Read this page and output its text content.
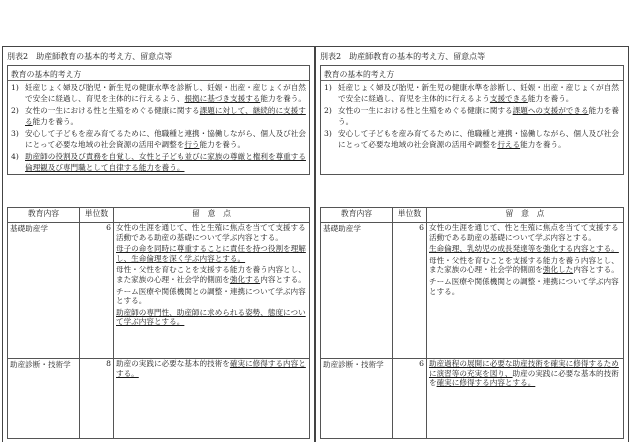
別表2　助産師教育の基本的考え方、留意点等
教育の基本的考え方
1) 妊産じょく婦及び胎児・新生児の健康水準を診断し、妊娠・出産・産じょくが自然で安全に経過し、育児を主体的に行えるよう、根拠に基づき支援する能力を養う。
2) 女性の一生における性と生殖をめぐる健康に関する課題に対して、継続的に支援する能力を養う。
3) 安心して子どもを産み育てるために、他職種と連携・協働しながら、個人及び社会にとって必要な地域の社会資源の活用や調整を行う能力を養う。
4) 助産師の役割及び責務を自覚し、女性と子ども並びに家族の尊厳と権利を尊重する倫理観及び専門職として自律する能力を養う。
教育内容	単位数	留　意　点
基礎助産学	6	女性の生涯を通じて、性と生殖に焦点を当てて支援する活動である助産の基礎について学ぶ内容とする。
母子の命を同時に尊重することに責任を持つ役割を理解し、生命倫理を深く学ぶ内容とする。
母性・父性を育むことを支援する能力を養う内容とし、また家族の心理・社会学的側面を強化する内容とする。
チーム医療や関係機関との調整・連携について学ぶ内容とする。
助産師の専門性、助産師に求められる姿勢、態度について学ぶ内容とする。

助産診断・技術学	8	助産の実践に必要な基本的技術を確実に修得する内容とする。
別表2　助産師教育の基本的考え方、留意点等
教育の基本的考え方
1) 妊産じょく婦及び胎児・新生児の健康水準を診断し、妊娠・出産・産じょくが自然で安全に経過し、育児を主体的に行えるよう支援できる能力を養う。
2) 女性の一生における性と生殖をめぐる健康に関する課題への支援ができる能力を養う。
3) 安心して子どもを産み育てるために、他職種と連携・協働しながら、個人及び社会にとって必要な地域の社会資源の活用や調整を行える能力を養う。
教育内容	単位数	留　意　点
基礎助産学	6	女性の生涯を通じて、性と生殖に焦点を当てて支援する活動である助産の基礎について学ぶ内容とする。
生命倫理、乳幼児の成長発達等を強化する内容とする。
母性・父性を育むことを支援する能力を養う内容とし、また家族の心理・社会学的側面を強化した内容とする。
チーム医療や関係機関との調整・連携について学ぶ内容とする。

助産診断・技術学	6	助産過程の展開に必要な助産技術を確実に修得するために演習等の充実を図り、助産の実践に必要な基本的技術を確実に修得する内容とする。
